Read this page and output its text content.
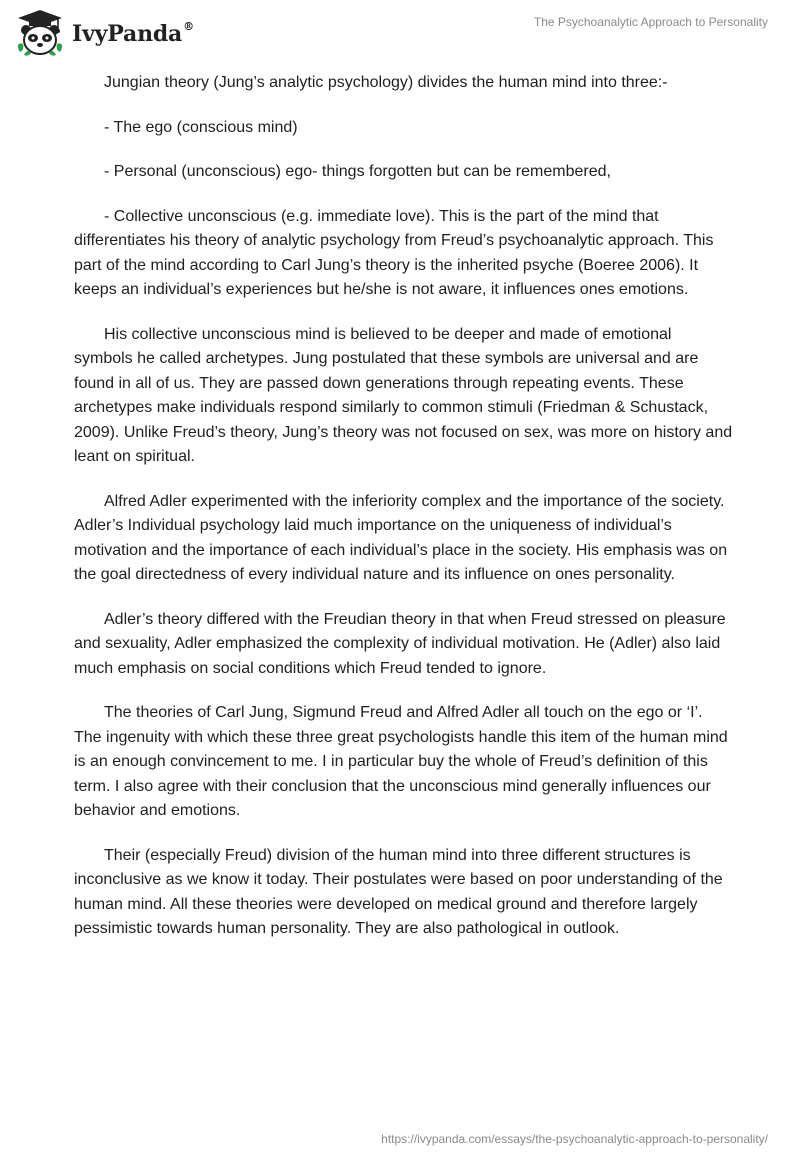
IvyPanda®	The Psychoanalytic Approach to Personality

Jungian theory (Jung’s analytic psychology) divides the human mind into three:-

- The ego (conscious mind)

- Personal (unconscious) ego- things forgotten but can be remembered,

- Collective unconscious (e.g. immediate love). This is the part of the mind that differentiates his theory of analytic psychology from Freud’s psychoanalytic approach. This part of the mind according to Carl Jung’s theory is the inherited psyche (Boeree 2006). It keeps an individual’s experiences but he/she is not aware, it influences ones emotions.

His collective unconscious mind is believed to be deeper and made of emotional symbols he called archetypes. Jung postulated that these symbols are universal and are found in all of us. They are passed down generations through repeating events. These archetypes make individuals respond similarly to common stimuli (Friedman & Schustack, 2009). Unlike Freud’s theory, Jung’s theory was not focused on sex, was more on history and leant on spiritual.

Alfred Adler experimented with the inferiority complex and the importance of the society. Adler’s Individual psychology laid much importance on the uniqueness of individual’s motivation and the importance of each individual’s place in the society. His emphasis was on the goal directedness of every individual nature and its influence on ones personality.

Adler’s theory differed with the Freudian theory in that when Freud stressed on pleasure and sexuality, Adler emphasized the complexity of individual motivation. He (Adler) also laid much emphasis on social conditions which Freud tended to ignore.

The theories of Carl Jung, Sigmund Freud and Alfred Adler all touch on the ego or ‘I’. The ingenuity with which these three great psychologists handle this item of the human mind is an enough convincement to me. I in particular buy the whole of Freud’s definition of this term. I also agree with their conclusion that the unconscious mind generally influences our behavior and emotions.

Their (especially Freud) division of the human mind into three different structures is inconclusive as we know it today. Their postulates were based on poor understanding of the human mind. All these theories were developed on medical ground and therefore largely pessimistic towards human personality. They are also pathological in outlook.

https://ivypanda.com/essays/the-psychoanalytic-approach-to-personality/
